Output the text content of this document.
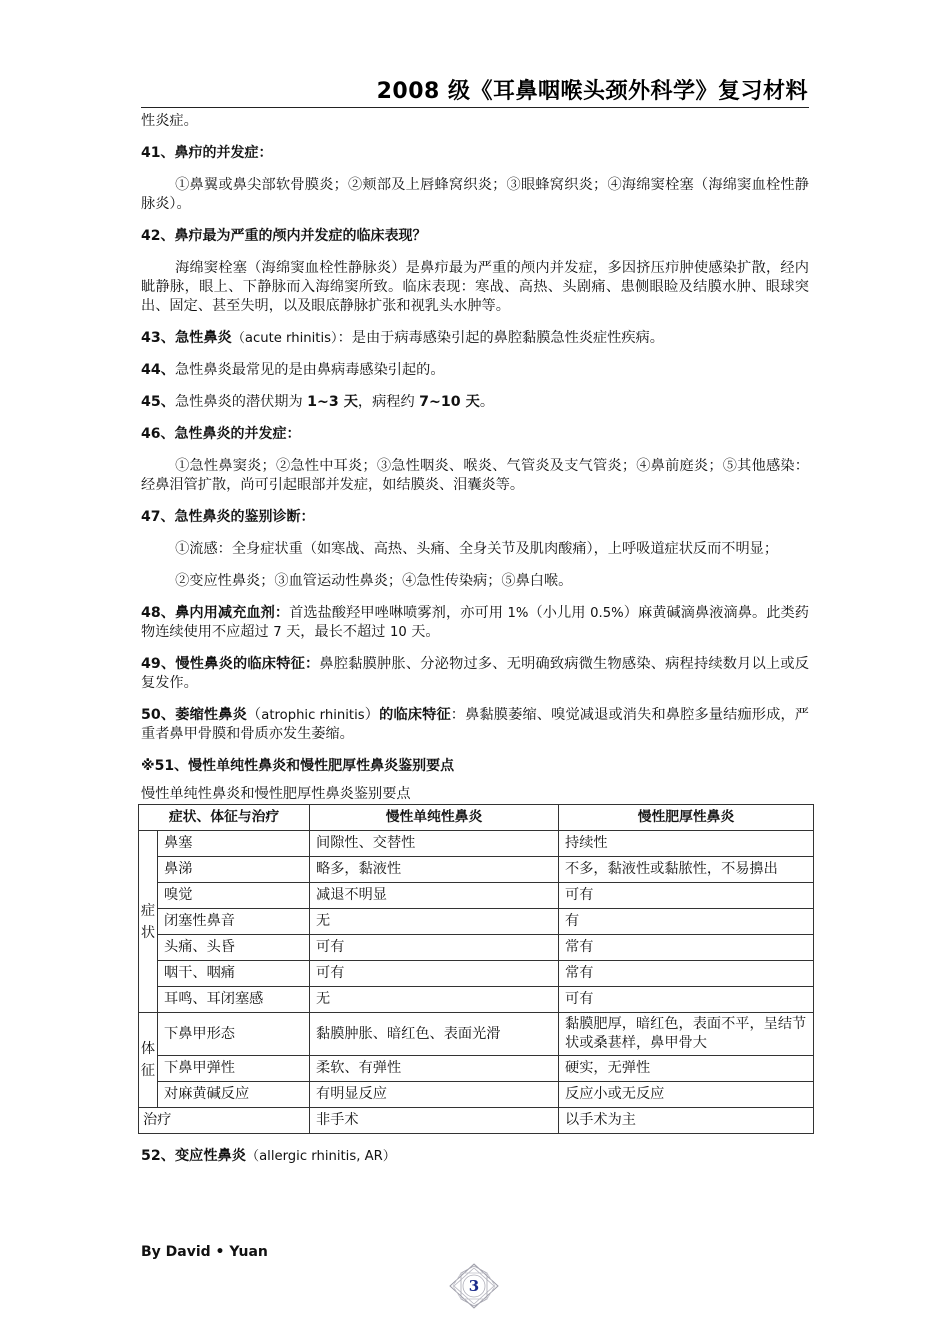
2008 级《耳鼻咽喉头颈外科学》复习材料

性炎症。

41、鼻疖的并发症：

①鼻翼或鼻尖部软骨膜炎；②颊部及上唇蜂窝织炎；③眼蜂窝织炎；④海绵窦栓塞（海绵窦血栓性静脉炎）。

42、鼻疖最为严重的颅内并发症的临床表现？

海绵窦栓塞（海绵窦血栓性静脉炎）是鼻疖最为严重的颅内并发症，多因挤压疖肿使感染扩散，经内眦静脉，眼上、下静脉而入海绵窦所致。临床表现：寒战、高热、头剧痛、患侧眼睑及结膜水肿、眼球突出、固定、甚至失明，以及眼底静脉扩张和视乳头水肿等。

43、急性鼻炎（acute rhinitis）：是由于病毒感染引起的鼻腔黏膜急性炎症性疾病。

44、急性鼻炎最常见的是由鼻病毒感染引起的。

45、急性鼻炎的潜伏期为 1~3 天，病程约 7~10 天。

46、急性鼻炎的并发症：

①急性鼻窦炎；②急性中耳炎；③急性咽炎、喉炎、气管炎及支气管炎；④鼻前庭炎；⑤其他感染：经鼻泪管扩散，尚可引起眼部并发症，如结膜炎、泪囊炎等。

47、急性鼻炎的鉴别诊断：

①流感：全身症状重（如寒战、高热、头痛、全身关节及肌肉酸痛），上呼吸道症状反而不明显；

②变应性鼻炎；③血管运动性鼻炎；④急性传染病；⑤鼻白喉。

48、鼻内用减充血剂：首选盐酸羟甲唑啉喷雾剂，亦可用 1%（小儿用 0.5%）麻黄碱滴鼻液滴鼻。此类药物连续使用不应超过 7 天，最长不超过 10 天。

49、慢性鼻炎的临床特征：鼻腔黏膜肿胀、分泌物过多、无明确致病微生物感染、病程持续数月以上或反复发作。

50、萎缩性鼻炎（atrophic rhinitis）的临床特征：鼻黏膜萎缩、嗅觉减退或消失和鼻腔多量结痂形成，严重者鼻甲骨膜和骨质亦发生萎缩。

※51、慢性单纯性鼻炎和慢性肥厚性鼻炎鉴别要点

慢性单纯性鼻炎和慢性肥厚性鼻炎鉴别要点

症状、体征与治疗		慢性单纯性鼻炎	慢性肥厚性鼻炎

症
状	鼻塞	间隙性、交替性	持续性
	鼻涕	略多，黏液性	不多，黏液性或黏脓性，不易擤出
	嗅觉	减退不明显	可有
	闭塞性鼻音	无	有
	头痛、头昏	可有	常有
	咽干、咽痛	可有	常有
	耳鸣、耳闭塞感	无	可有

体
征	下鼻甲形态	黏膜肿胀、暗红色、表面光滑	黏膜肥厚，暗红色，表面不平，呈结节状或桑葚样，鼻甲骨大
	下鼻甲弹性	柔软、有弹性	硬实，无弹性
	对麻黄碱反应	有明显反应	反应小或无反应
治疗		非手术	以手术为主

52、变应性鼻炎（allergic rhinitis, AR）

By David • Yuan
3
